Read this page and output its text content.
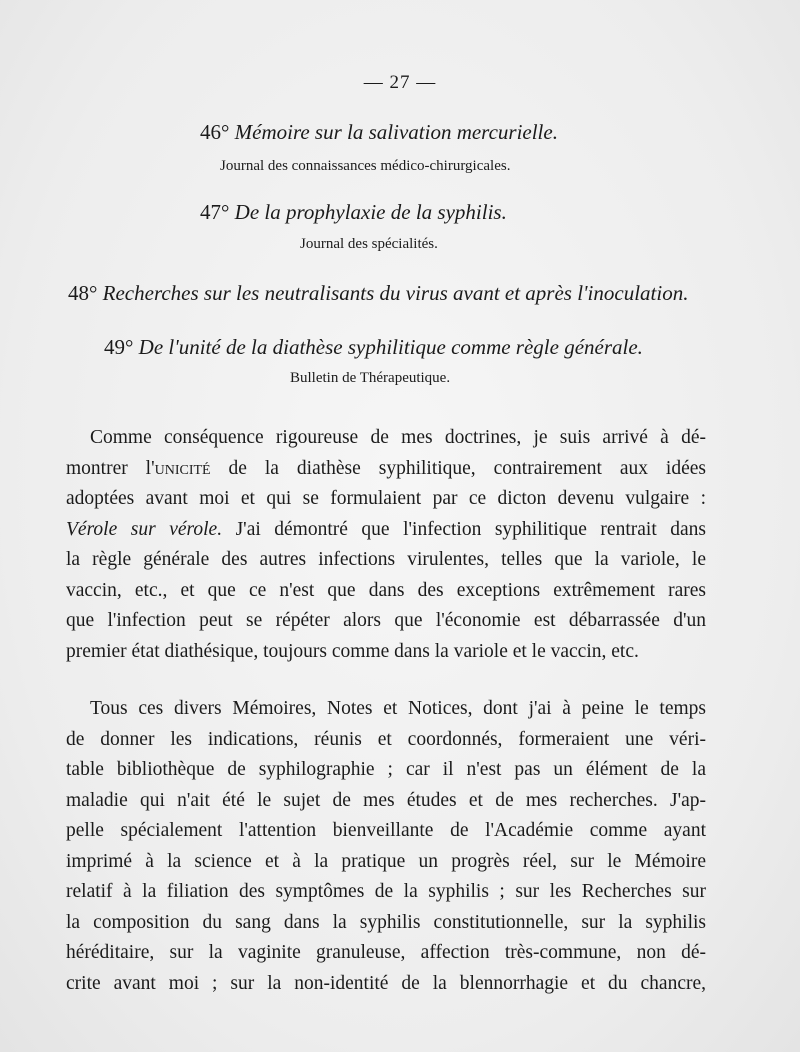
— 27 —
46° Mémoire sur la salivation mercurielle.
Journal des connaissances médico-chirurgicales.
47° De la prophylaxie de la syphilis.
Journal des spécialités.
48° Recherches sur les neutralisants du virus avant et après l'inoculation.
49° De l'unité de la diathèse syphilitique comme règle générale.
Bulletin de Thérapeutique.
Comme conséquence rigoureuse de mes doctrines, je suis arrivé à dé-
montrer l'unicité de la diathèse syphilitique, contrairement aux idées
adoptées avant moi et qui se formulaient par ce dicton devenu vulgaire :
Vérole sur vérole. J'ai démontré que l'infection syphilitique rentrait dans
la règle générale des autres infections virulentes, telles que la variole, le
vaccin, etc., et que ce n'est que dans des exceptions extrêmement rares
que l'infection peut se répéter alors que l'économie est débarrassée d'un
premier état diathésique, toujours comme dans la variole et le vaccin, etc.
Tous ces divers Mémoires, Notes et Notices, dont j'ai à peine le temps
de donner les indications, réunis et coordonnés, formeraient une véri-
table bibliothèque de syphilographie ; car il n'est pas un élément de la
maladie qui n'ait été le sujet de mes études et de mes recherches. J'ap-
pelle spécialement l'attention bienveillante de l'Académie comme ayant
imprimé à la science et à la pratique un progrès réel, sur le Mémoire
relatif à la filiation des symptômes de la syphilis ; sur les Recherches sur
la composition du sang dans la syphilis constitutionnelle, sur la syphilis
héréditaire, sur la vaginite granuleuse, affection très-commune, non dé-
crite avant moi ; sur la non-identité de la blennorrhagie et du chancre,
